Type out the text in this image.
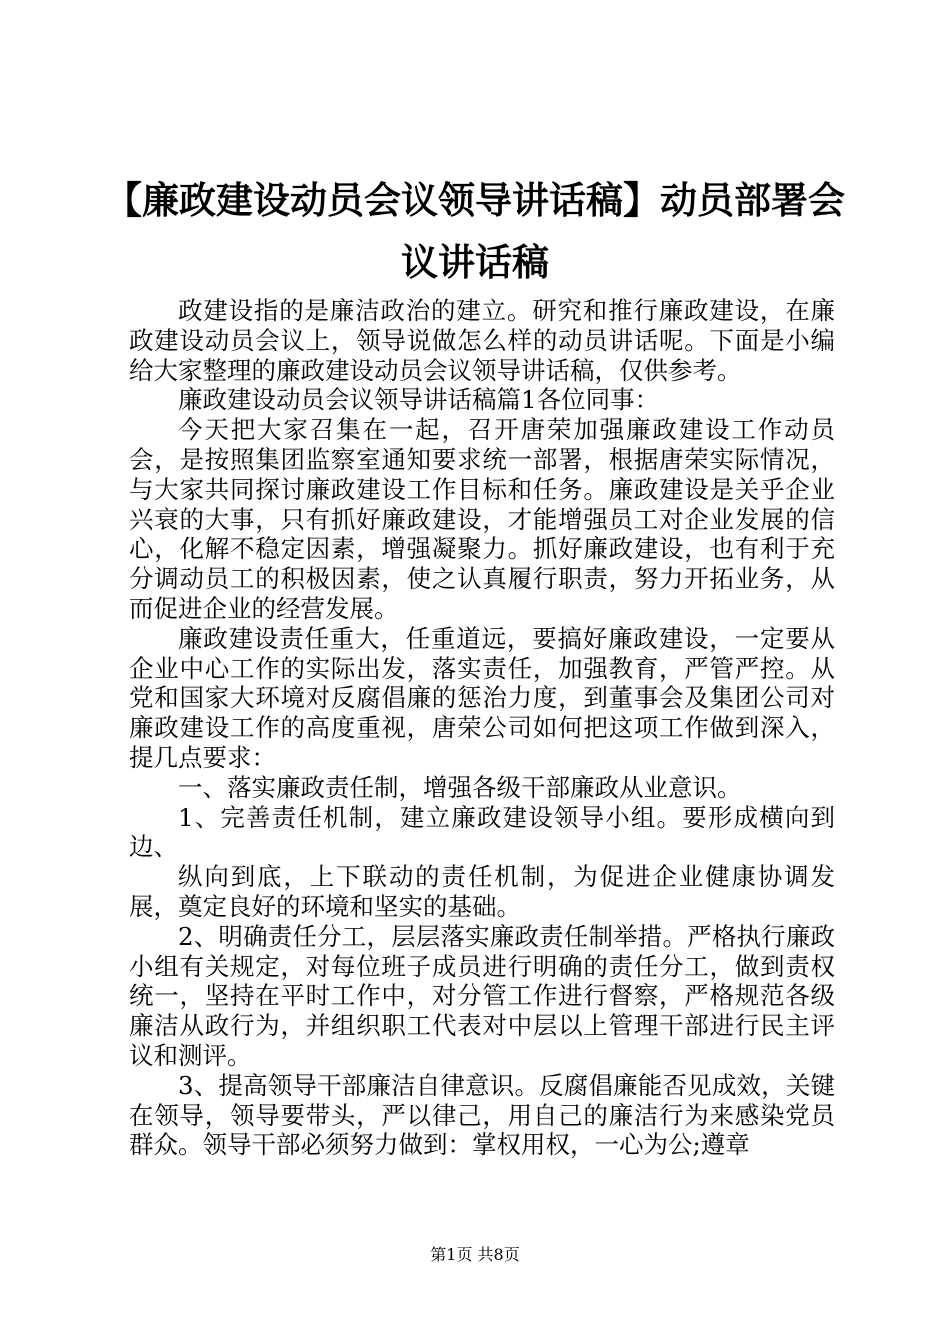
【廉政建设动员会议领导讲话稿】动员部署会议讲话稿

政建设指的是廉洁政治的建立。研究和推行廉政建设，在廉政建设动员会议上，领导说做怎么样的动员讲话呢。下面是小编给大家整理的廉政建设动员会议领导讲话稿，仅供参考。

廉政建设动员会议领导讲话稿篇1各位同事：

今天把大家召集在一起，召开唐荣加强廉政建设工作动员会，是按照集团监察室通知要求统一部署，根据唐荣实际情况，与大家共同探讨廉政建设工作目标和任务。廉政建设是关乎企业兴衰的大事，只有抓好廉政建设，才能增强员工对企业发展的信心，化解不稳定因素，增强凝聚力。抓好廉政建设，也有利于充分调动员工的积极因素，使之认真履行职责，努力开拓业务，从而促进企业的经营发展。

廉政建设责任重大，任重道远，要搞好廉政建设，一定要从企业中心工作的实际出发，落实责任，加强教育，严管严控。从党和国家大环境对反腐倡廉的惩治力度，到董事会及集团公司对廉政建设工作的高度重视，唐荣公司如何把这项工作做到深入，提几点要求：

一、落实廉政责任制，增强各级干部廉政从业意识。

1、完善责任机制，建立廉政建设领导小组。要形成横向到边、

纵向到底，上下联动的责任机制，为促进企业健康协调发展，奠定良好的环境和坚实的基础。

2、明确责任分工，层层落实廉政责任制举措。严格执行廉政小组有关规定，对每位班子成员进行明确的责任分工，做到责权统一，坚持在平时工作中，对分管工作进行督察，严格规范各级廉洁从政行为，并组织职工代表对中层以上管理干部进行民主评议和测评。

3、提高领导干部廉洁自律意识。反腐倡廉能否见成效，关键在领导，领导要带头，严以律己，用自己的廉洁行为来感染党员群众。领导干部必须努力做到：掌权用权，一心为公;遵章

第1页 共8页
